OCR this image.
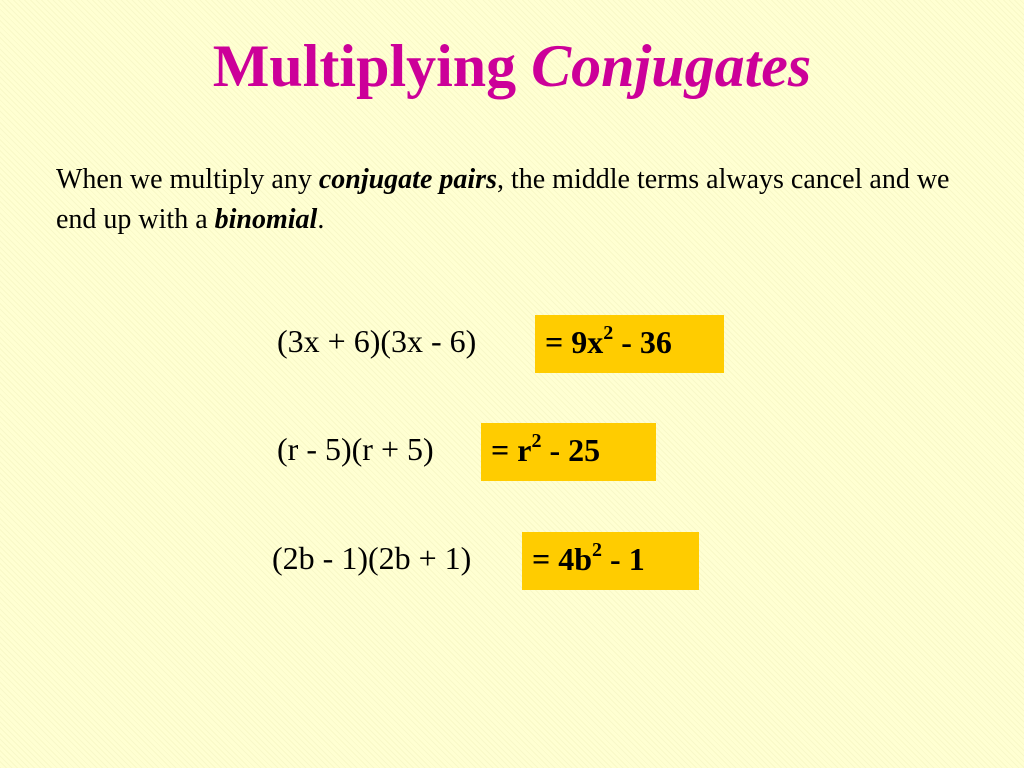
Multiplying Conjugates

When we multiply any conjugate pairs, the middle terms always cancel and we end up with a binomial.

(3x + 6)(3x - 6)	= $9x^2 - 36$
(r - 5)(r + 5)	= $r^2 - 25$
(2b - 1)(2b + 1)	= $4b^2 - 1$
